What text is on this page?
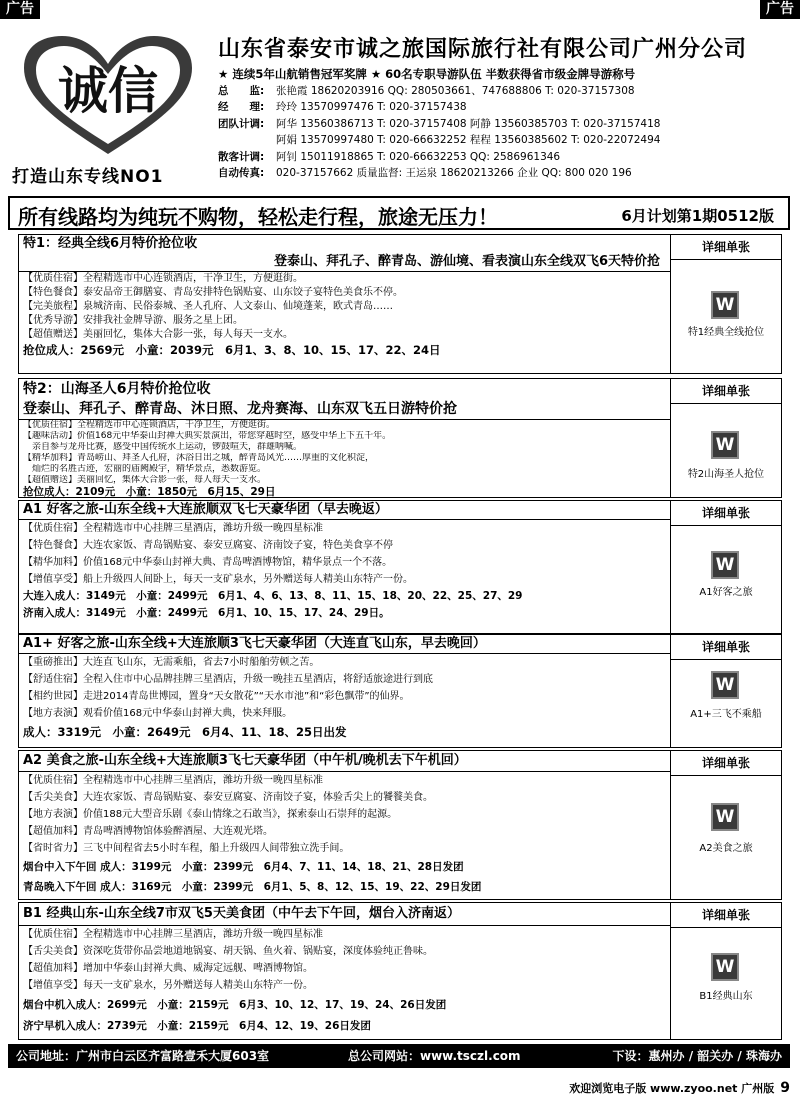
广告	广告
诚信
打造山东专线NO1
山东省泰安市诚之旅国际旅行社有限公司广州分公司
★ 连续5年山航销售冠军奖牌 ★ 60名专职导游队伍 半数获得省市级金牌导游称号
总　　监: 张艳霞 18620203916 QQ: 280503661、747688806 T: 020-37157308
经　　理: 玲玲 13570997476 T: 020-37157438
团队计调: 阿华 13560386713 T: 020-37157408 阿静 13560385703 T: 020-37157418
阿娟 13570997480 T: 020-66632252 程程 13560385602 T: 020-22072494
散客计调: 阿钊 15011918865 T: 020-66632253 QQ: 2586961346
自动传真: 020-37157662 质量监督: 王运泉 18620213266 企业 QQ: 800 020 196
所有线路均为纯玩不购物，轻松走行程，旅途无压力！	6月计划第1期0512版
特1：经典全线6月特价抢位收
登泰山、拜孔子、醉青岛、游仙境、看表演山东全线双飞6天特价抢
【优质住宿】全程精选市中心连锁酒店，干净卫生，方便逛街。
【特色餐食】泰安品帝王御膳宴、青岛安排特色锅贴宴、山东饺子宴特色美食乐不停。
【完美旅程】泉城济南、民俗泰城、圣人孔府、人文泰山、仙境蓬莱，欧式青岛……
【优秀导游】安排我社金牌导游、服务之星上团。
【超值赠送】美丽回忆，集体大合影一张，每人每天一支水。
抢位成人：2569元　小童：2039元　6月1、3、8、10、15、17、22、24日
详细单张
W
特1经典全线抢位
特2：山海圣人6月特价抢位收
登泰山、拜孔子、醉青岛、沐日照、龙舟赛海、山东双飞五日游特价抢
【优质住宿】全程精选市中心连锁酒店，干净卫生，方便逛街。
【趣味活动】价值168元中华泰山封禅大典实景演出，带您穿越时空，感受中华上下五千年。
　亲自参与龙舟比赛，感受中国传统水上运动，锣鼓喧天，群雄呐喊。
【精华加料】青岛崂山、拜圣人孔府，沐浴日出之城，醉青岛风光……厚重的文化积淀，
　灿烂的名胜古迹，宏丽的庙阙殿宇，精华景点，悉数游览。
【超值赠送】美丽回忆，集体大合影一张，每人每天一支水。
抢位成人：2109元　小童：1850元　6月15、29日
详细单张
W
特2山海圣人抢位
A1 好客之旅-山东全线+大连旅顺双飞七天豪华团（早去晚返）
【优质住宿】全程精选市中心挂牌三星酒店，潍坊升级一晚四星标准
【特色餐食】大连农家饭、青岛锅贴宴、泰安豆腐宴、济南饺子宴，特色美食享不停
【精华加料】价值168元中华泰山封禅大典、青岛啤酒博物馆，精华景点一个不落。
【增值享受】船上升级四人间卧上，每天一支矿泉水，另外赠送每人精美山东特产一份。
大连入成人：3149元　小童：2499元　6月1、4、6、13、8、11、15、18、20、22、25、27、29
济南入成人：3149元　小童：2499元　6月1、10、15、17、24、29日。
详细单张
W
A1好客之旅
A1+ 好客之旅-山东全线+大连旅顺3飞七天豪华团（大连直飞山东，早去晚回）
【重磅推出】大连直飞山东，无需乘船，省去7小时船舶劳顿之苦。
【舒适住宿】全程入住市中心品牌挂牌三星酒店，升级一晚挂五星酒店，将舒适旅途进行到底
【相约世园】走进2014青岛世博园，置身“天女散花”“天水市池”和“彩色飘带”的仙界。
【地方表演】观看价值168元中华泰山封禅大典，快来拜服。
成人：3319元　小童：2649元　6月4、11、18、25日出发
详细单张
W
A1+三飞不乘船
A2 美食之旅-山东全线+大连旅顺3飞七天豪华团（中午机/晚机去下午机回）
【优质住宿】全程精选市中心挂牌三星酒店，潍坊升级一晚四星标准
【舌尖美食】大连农家饭、青岛锅贴宴、泰安豆腐宴、济南饺子宴，体验舌尖上的饕餮美食。
【地方表演】价值188元大型音乐剧《泰山情缘之石敢当》，探索泰山石崇拜的起源。
【超值加料】青岛啤酒博物馆体验醉酒屋、大连观光塔。
【省时省力】三飞中间程省去5小时车程，船上升级四人间带独立洗手间。
烟台中入下午回 成人：3199元　小童：2399元　6月4、7、11、14、18、21、28日发团
青岛晚入下午回 成人：3169元　小童：2399元　6月1、5、8、12、15、19、22、29日发团
详细单张
W
A2美食之旅
B1 经典山东-山东全线7市双飞5天美食团（中午去下午回，烟台入济南返）
【优质住宿】全程精选市中心挂牌三星酒店，潍坊升级一晚四星标准
【舌尖美食】资深吃货带你品尝地道地锅宴、胡天锅、鱼火着、锅贴宴，深度体验纯正鲁味。
【超值加料】增加中华泰山封禅大典、威海定远舰、啤酒博物馆。
【增值享受】每天一支矿泉水，另外赠送每人精美山东特产一份。
烟台中机入成人：2699元　小童：2159元　6月3、10、12、17、19、24、26日发团
济宁早机入成人：2739元　小童：2159元　6月4、12、19、26日发团
详细单张
W
B1经典山东
公司地址：广州市白云区齐富路壹禾大厦603室	总公司网站：www.tsczl.com	下设：惠州办 / 韶关办 / 珠海办
欢迎浏览电子版 www.zyoo.net 广州版 9
